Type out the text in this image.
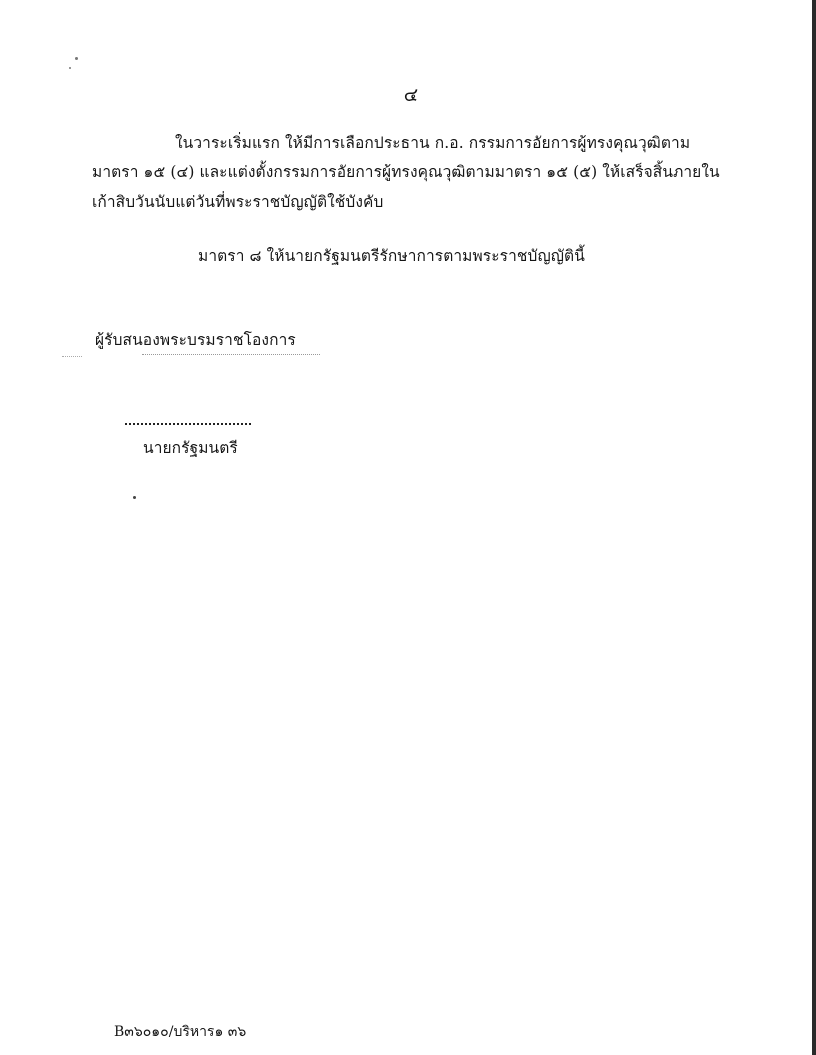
๔
ในวาระเริ่มแรก ให้มีการเลือกประธาน ก.อ. กรรมการอัยการผู้ทรงคุณวุฒิตาม
มาตรา ๑๕ (๔) และแต่งตั้งกรรมการอัยการผู้ทรงคุณวุฒิตามมาตรา ๑๕ (๕) ให้เสร็จสิ้นภายใน
เก้าสิบวันนับแต่วันที่พระราชบัญญัติใช้บังคับ
มาตรา ๘ ให้นายกรัฐมนตรีรักษาการตามพระราชบัญญัตินี้
ผู้รับสนองพระบรมราชโองการ
นายกรัฐมนตรี
B๓๖๐๑๐/บริหาร๑ ๓๖
